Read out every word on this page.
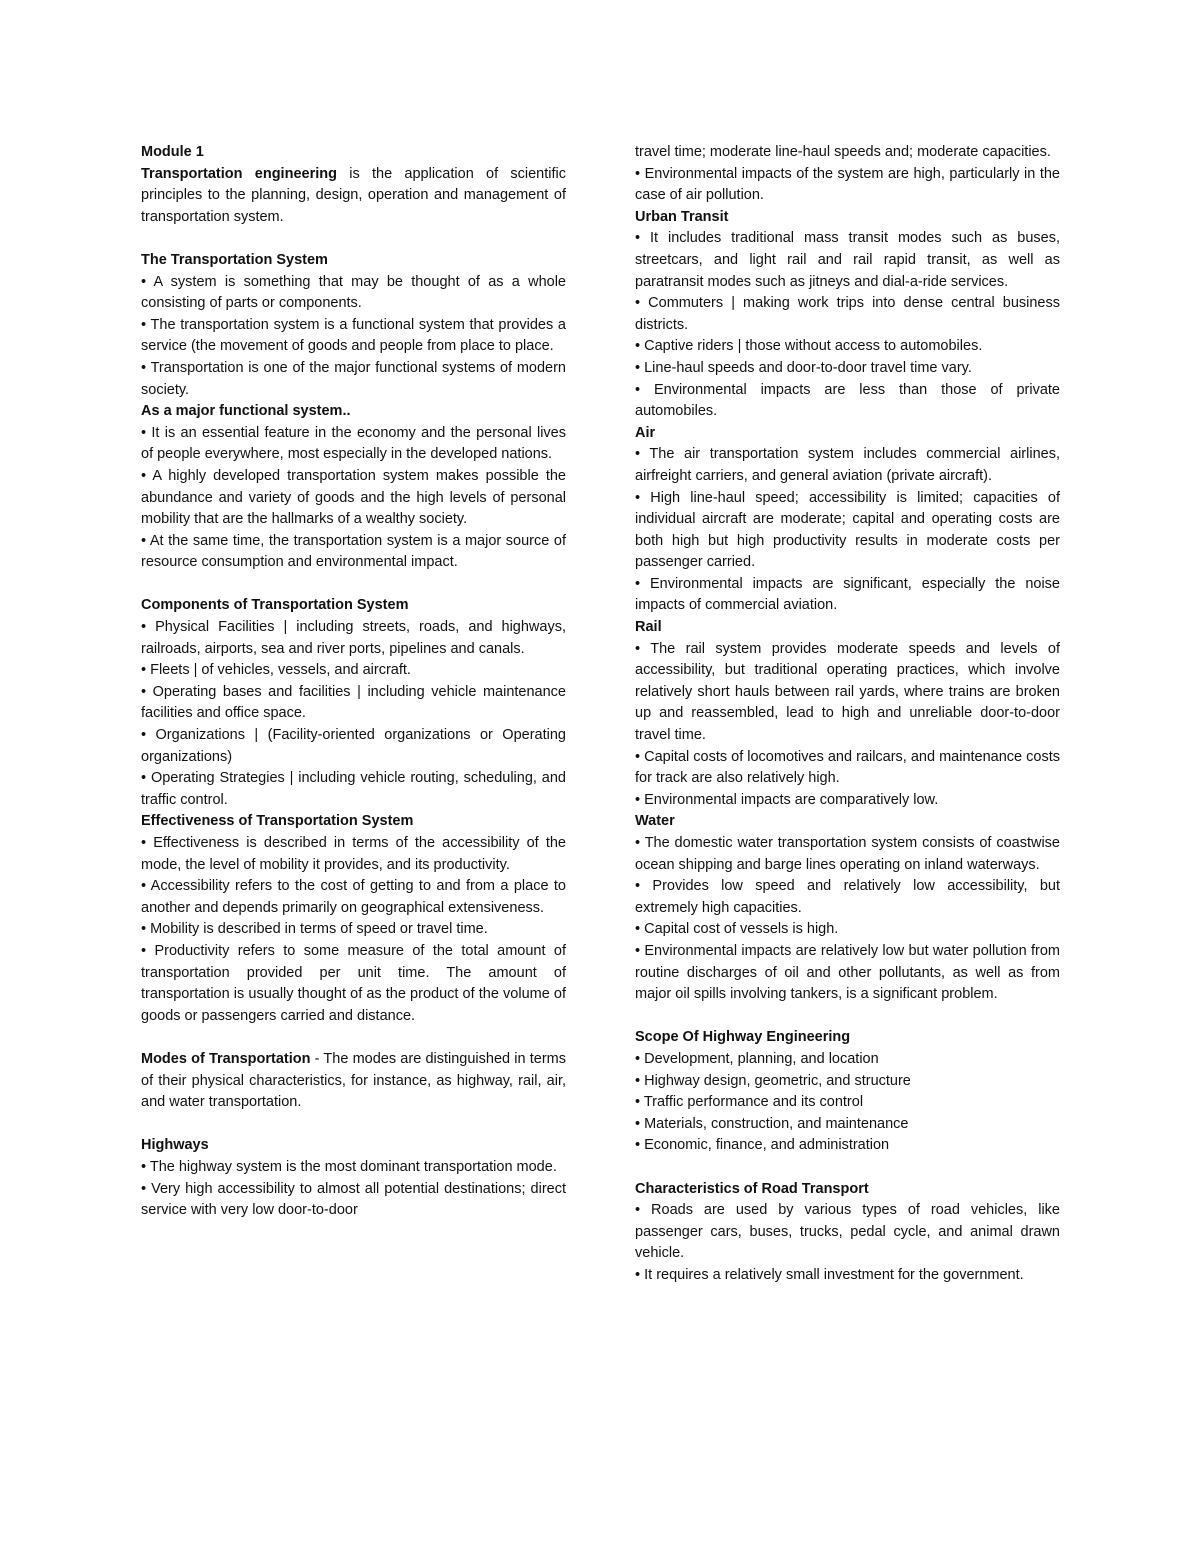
Module 1

Transportation engineering is the application of scientific principles to the planning, design, operation and management of transportation system.

The Transportation System

• A system is something that may be thought of as a whole consisting of parts or components.

• The transportation system is a functional system that provides a service (the movement of goods and people from place to place.

• Transportation is one of the major functional systems of modern society.

As a major functional system..

• It is an essential feature in the economy and the personal lives of people everywhere, most especially in the developed nations.

• A highly developed transportation system makes possible the abundance and variety of goods and the high levels of personal mobility that are the hallmarks of a wealthy society.

• At the same time, the transportation system is a major source of resource consumption and environmental impact.

Components of Transportation System

• Physical Facilities | including streets, roads, and highways, railroads, airports, sea and river ports, pipelines and canals.

• Fleets | of vehicles, vessels, and aircraft.

• Operating bases and facilities | including vehicle maintenance facilities and office space.

• Organizations | (Facility-oriented organizations or Operating organizations)

• Operating Strategies | including vehicle routing, scheduling, and traffic control.

Effectiveness of Transportation System

• Effectiveness is described in terms of the accessibility of the mode, the level of mobility it provides, and its productivity.

• Accessibility refers to the cost of getting to and from a place to another and depends primarily on geographical extensiveness.

• Mobility is described in terms of speed or travel time.

• Productivity refers to some measure of the total amount of transportation provided per unit time. The amount of transportation is usually thought of as the product of the volume of goods or passengers carried and distance.

Modes of Transportation - The modes are distinguished in terms of their physical characteristics, for instance, as highway, rail, air, and water transportation.

Highways

• The highway system is the most dominant transportation mode.

• Very high accessibility to almost all potential destinations; direct service with very low door-to-door

travel time; moderate line-haul speeds and; moderate capacities.

• Environmental impacts of the system are high, particularly in the case of air pollution.

Urban Transit

• It includes traditional mass transit modes such as buses, streetcars, and light rail and rail rapid transit, as well as paratransit modes such as jitneys and dial-a-ride services.

• Commuters | making work trips into dense central business districts.

• Captive riders | those without access to automobiles.

• Line-haul speeds and door-to-door travel time vary.

• Environmental impacts are less than those of private automobiles.

Air

• The air transportation system includes commercial airlines, airfreight carriers, and general aviation (private aircraft).

• High line-haul speed; accessibility is limited; capacities of individual aircraft are moderate; capital and operating costs are both high but high productivity results in moderate costs per passenger carried.

• Environmental impacts are significant, especially the noise impacts of commercial aviation.

Rail

• The rail system provides moderate speeds and levels of accessibility, but traditional operating practices, which involve relatively short hauls between rail yards, where trains are broken up and reassembled, lead to high and unreliable door-to-door travel time.

• Capital costs of locomotives and railcars, and maintenance costs for track are also relatively high.

• Environmental impacts are comparatively low.

Water

• The domestic water transportation system consists of coastwise ocean shipping and barge lines operating on inland waterways.

• Provides low speed and relatively low accessibility, but extremely high capacities.

• Capital cost of vessels is high.

• Environmental impacts are relatively low but water pollution from routine discharges of oil and other pollutants, as well as from major oil spills involving tankers, is a significant problem.

Scope Of Highway Engineering

• Development, planning, and location

• Highway design, geometric, and structure

• Traffic performance and its control

• Materials, construction, and maintenance

• Economic, finance, and administration

Characteristics of Road Transport

• Roads are used by various types of road vehicles, like passenger cars, buses, trucks, pedal cycle, and animal drawn vehicle.

• It requires a relatively small investment for the government.
